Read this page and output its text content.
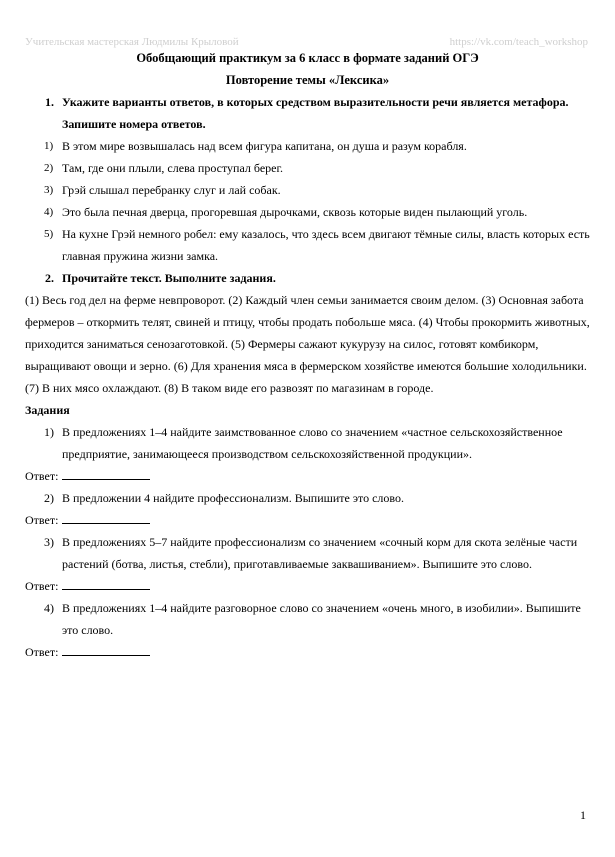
Учительская мастерская Людмилы Крыловой	https://vk.com/teach_workshop
Обобщающий практикум за 6 класс в формате заданий ОГЭ
Повторение темы «Лексика»
1. Укажите варианты ответов, в которых средством выразительности речи является метафора. Запишите номера ответов.
1) В этом мире возвышалась над всем фигура капитана, он душа и разум корабля.
2) Там, где они плыли, слева проступал берег.
3) Грэй слышал перебранку слуг и лай собак.
4) Это была печная дверца, прогоревшая дырочками, сквозь которые виден пылающий уголь.
5) На кухне Грэй немного робел: ему казалось, что здесь всем двигают тёмные силы, власть которых есть главная пружина жизни замка.
2. Прочитайте текст. Выполните задания.
(1) Весь год дел на ферме невпроворот. (2) Каждый член семьи занимается своим делом. (3) Основная забота фермеров – откормить телят, свиней и птицу, чтобы продать побольше мяса. (4) Чтобы прокормить животных, приходится заниматься сенозаготовкой. (5) Фермеры сажают кукурузу на силос, готовят комбикорм, выращивают овощи и зерно. (6) Для хранения мяса в фермерском хозяйстве имеются большие холодильники. (7) В них мясо охлаждают. (8) В таком виде его развозят по магазинам в городе.
Задания
1) В предложениях 1–4 найдите заимствованное слово со значением «частное сельскохозяйственное предприятие, занимающееся производством сельскохозяйственной продукции».
Ответ:
2) В предложении 4 найдите профессионализм. Выпишите это слово.
Ответ:
3) В предложениях 5–7 найдите профессионализм со значением «сочный корм для скота зелёные части растений (ботва, листья, стебли), приготавливаемые заквашиванием». Выпишите это слово.
Ответ:
4) В предложениях 1–4 найдите разговорное слово со значением «очень много, в изобилии». Выпишите это слово.
Ответ:
1
